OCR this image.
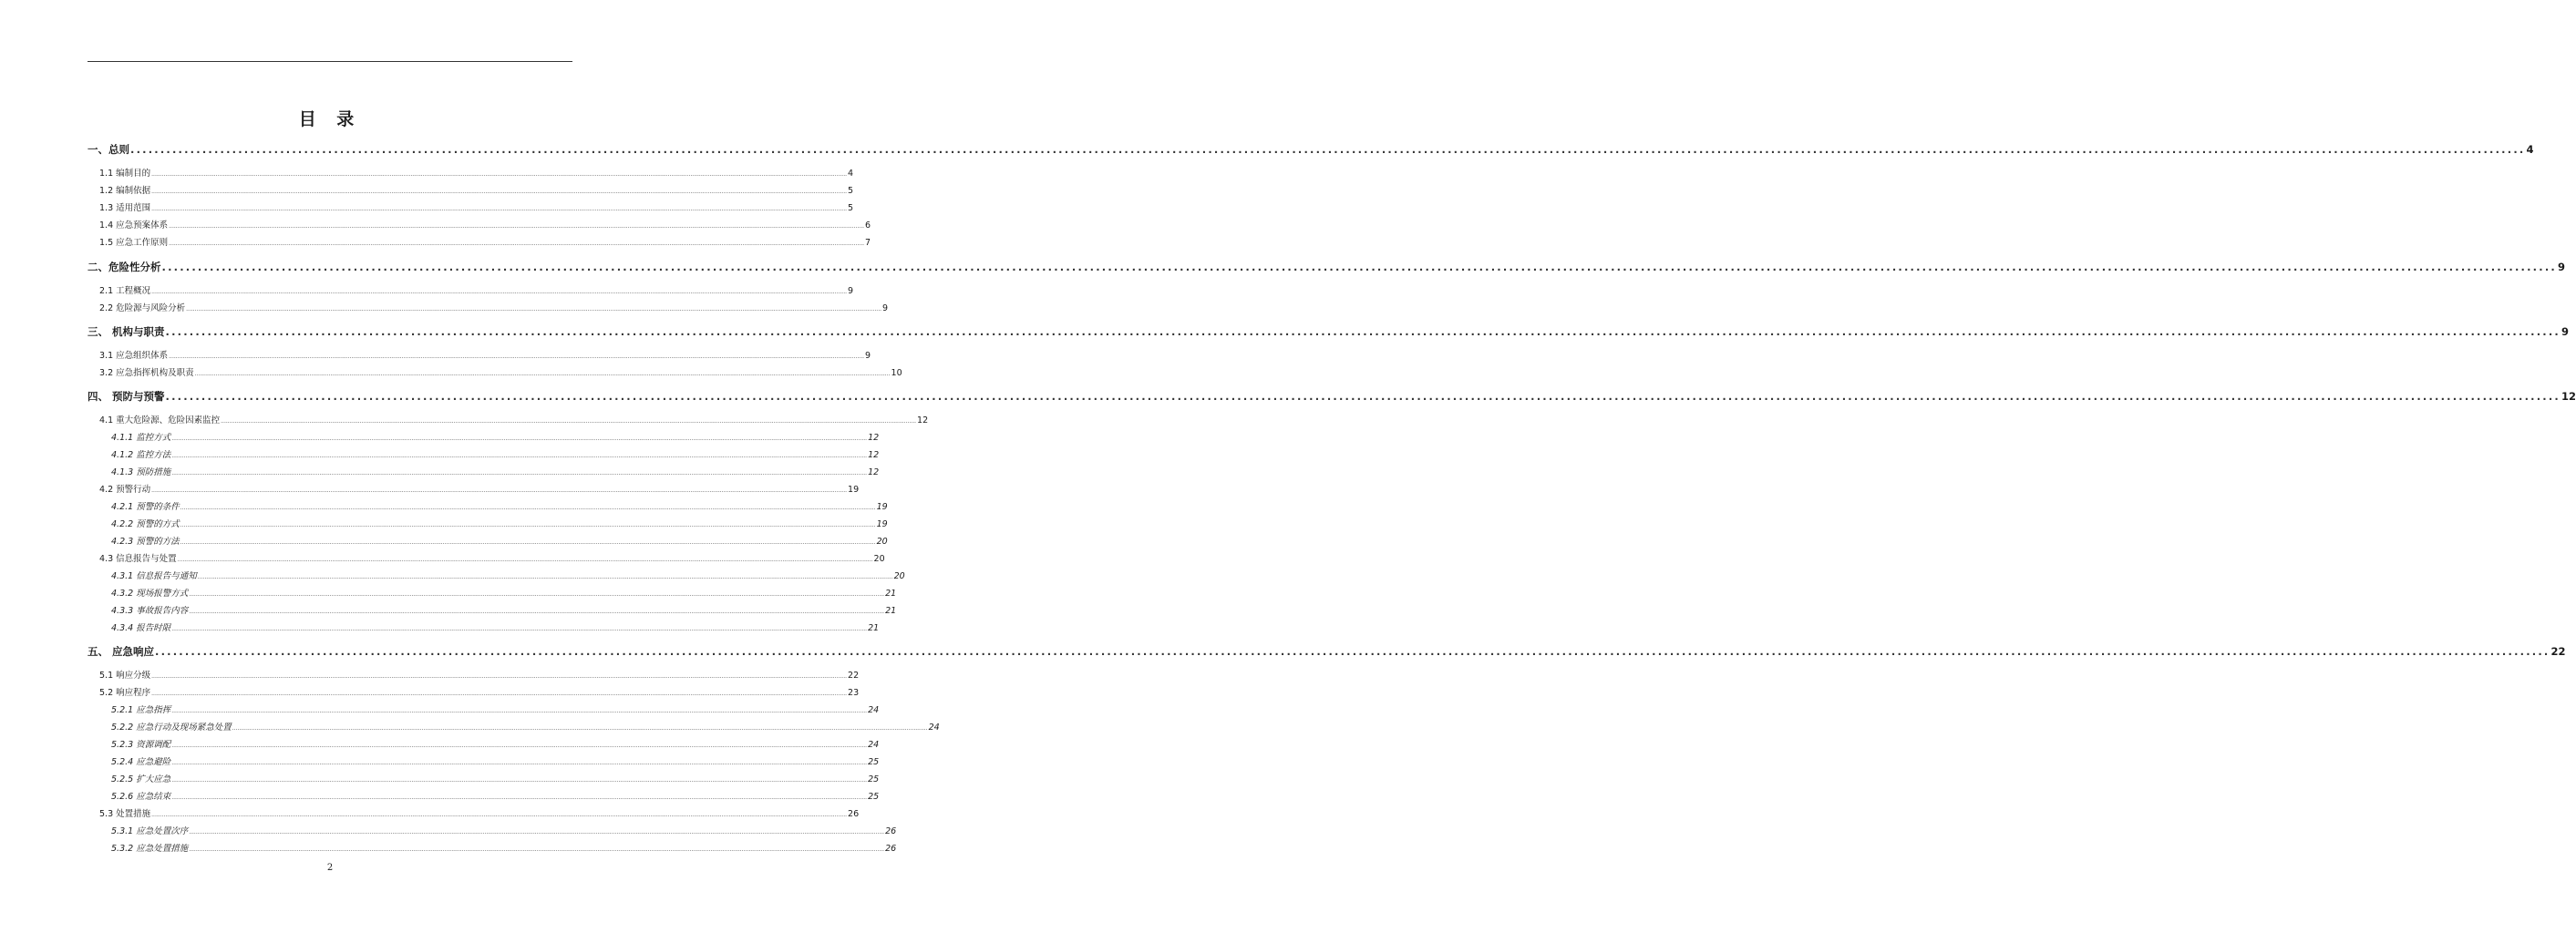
目 录
一、总则 ................................................................................................................................................................................................................................................................................................................................................................................................................ 4
1.1 编制目的 ................................................................................................................................................................................................................................................................................................................................................................................................................ 4
1.2 编制依据 ................................................................................................................................................................................................................................................................................................................................................................................................................ 5
1.3 适用范围 ................................................................................................................................................................................................................................................................................................................................................................................................................ 5
1.4 应急预案体系 ................................................................................................................................................................................................................................................................................................................................................................................................................ 6
1.5 应急工作原则 ................................................................................................................................................................................................................................................................................................................................................................................................................ 7
二、危险性分析 ................................................................................................................................................................................................................................................................................................................................................................................................................ 9
2.1 工程概况 ................................................................................................................................................................................................................................................................................................................................................................................................................ 9
2.2 危险源与风险分析 ................................................................................................................................................................................................................................................................................................................................................................................................................ 9
三、 机构与职责 ................................................................................................................................................................................................................................................................................................................................................................................................................ 9
3.1 应急组织体系 ................................................................................................................................................................................................................................................................................................................................................................................................................ 9
3.2 应急指挥机构及职责 ................................................................................................................................................................................................................................................................................................................................................................................................................ 10
四、 预防与预警 ................................................................................................................................................................................................................................................................................................................................................................................................................ 12
4.1 重大危险源、危险因素监控 ................................................................................................................................................................................................................................................................................................................................................................................................................ 12
4.1.1 监控方式 ................................................................................................................................................................................................................................................................................................................................................................................................................ 12
4.1.2 监控方法 ................................................................................................................................................................................................................................................................................................................................................................................................................ 12
4.1.3 预防措施 ................................................................................................................................................................................................................................................................................................................................................................................................................ 12
4.2 预警行动 ................................................................................................................................................................................................................................................................................................................................................................................................................ 19
4.2.1 预警的条件 ................................................................................................................................................................................................................................................................................................................................................................................................................ 19
4.2.2 预警的方式 ................................................................................................................................................................................................................................................................................................................................................................................................................ 19
4.2.3 预警的方法 ................................................................................................................................................................................................................................................................................................................................................................................................................ 20
4.3 信息报告与处置 ................................................................................................................................................................................................................................................................................................................................................................................................................ 20
4.3.1 信息报告与通知 ................................................................................................................................................................................................................................................................................................................................................................................................................ 20
4.3.2 现场报警方式 ................................................................................................................................................................................................................................................................................................................................................................................................................ 21
4.3.3 事故报告内容 ................................................................................................................................................................................................................................................................................................................................................................................................................ 21
4.3.4 报告时限 ................................................................................................................................................................................................................................................................................................................................................................................................................ 21
五、 应急响应 ................................................................................................................................................................................................................................................................................................................................................................................................................ 22
5.1 响应分级 ................................................................................................................................................................................................................................................................................................................................................................................................................ 22
5.2 响应程序 ................................................................................................................................................................................................................................................................................................................................................................................................................ 23
5.2.1 应急指挥 ................................................................................................................................................................................................................................................................................................................................................................................................................ 24
5.2.2 应急行动及现场紧急处置 ................................................................................................................................................................................................................................................................................................................................................................................................................ 24
5.2.3 资源调配 ................................................................................................................................................................................................................................................................................................................................................................................................................ 24
5.2.4 应急避险 ................................................................................................................................................................................................................................................................................................................................................................................................................ 25
5.2.5 扩大应急 ................................................................................................................................................................................................................................................................................................................................................................................................................ 25
5.2.6 应急结束 ................................................................................................................................................................................................................................................................................................................................................................................................................ 25
5.3 处置措施 ................................................................................................................................................................................................................................................................................................................................................................................................................ 26
5.3.1 应急处置次序 ................................................................................................................................................................................................................................................................................................................................................................................................................ 26
5.3.2 应急处置措施 ................................................................................................................................................................................................................................................................................................................................................................................................................ 26
2
